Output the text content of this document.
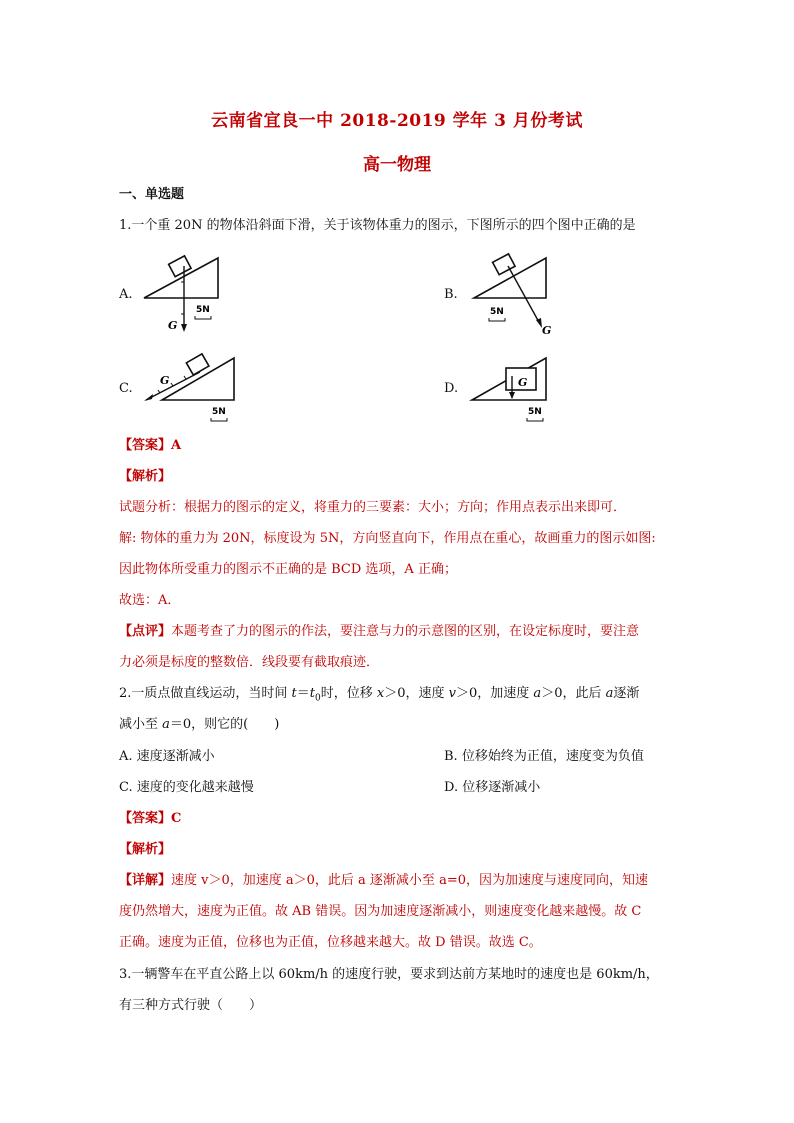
云南省宜良一中 2018-2019 学年 3 月份考试
高一物理
一、单选题
1.一个重 20N 的物体沿斜面下滑，关于该物体重力的图示，下图所示的四个图中正确的是
A.
G
5N
B.
G
5N
C.
G
5N
D.	G
5N
【答案】A
【解析】
试题分析：根据力的图示的定义，将重力的三要素：大小；方向；作用点表示出来即可．
解: 物体的重力为 20N，标度设为 5N，方向竖直向下，作用点在重心，故画重力的图示如图:
因此物体所受重力的图示不正确的是 BCD 选项，A 正确；
故选：A．
【点评】本题考查了力的图示的作法，要注意与力的示意图的区别，在设定标度时，要注意
力必须是标度的整数倍．线段要有截取痕迹．
2.一质点做直线运动，当时间 $t=t_0$时，位移 x＞0，速度 v＞0，加速度 a＞0，此后 a逐渐
减小至 a＝0，则它的(　　)
A. 速度逐渐减小	B. 位移始终为正值，速度变为负值
C. 速度的变化越来越慢	D. 位移逐渐减小
【答案】C
【解析】
【详解】速度 v＞0，加速度 a＞0，此后 a 逐渐减小至 a=0，因为加速度与速度同向，知速
度仍然增大，速度为正值。故 AB 错误。因为加速度逐渐减小，则速度变化越来越慢。故 C
正确。速度为正值，位移也为正值，位移越来越大。故 D 错误。故选 C。
3.一辆警车在平直公路上以 60km/h 的速度行驶，要求到达前方某地时的速度也是 60km/h，
有三种方式行驶（　　）
